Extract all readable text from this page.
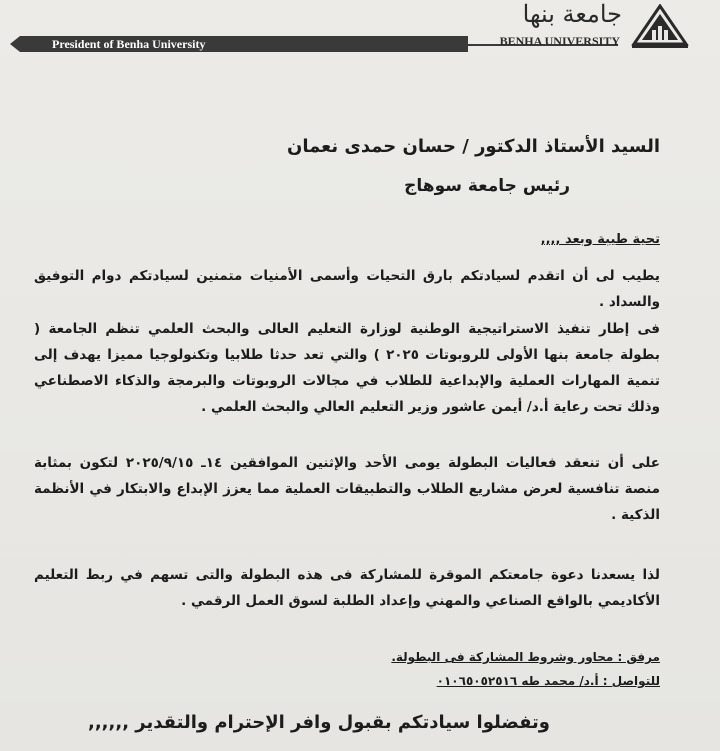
President of Benha University
جامعة بنها
BENHA UNIVERSITY
السيد الأستاذ الدكتور / حسان حمدى نعمان
رئيس جامعة سوهاج
تحية طيبة وبعد ,,,,
يطيب لى أن اتقدم لسيادتكم بارق التحيات وأسمى الأمنيات متمنين لسيادتكم دوام التوفيق والسداد .
فى إطار تنفيذ الاستراتيجية الوطنية لوزارة التعليم العالى والبحث العلمي تنظم الجامعة ( بطولة جامعة بنها الأولى للروبوتات ٢٠٢٥ ) والتي تعد حدثا طلابيا وتكنولوجيا مميزا يهدف إلى تنمية المهارات العملية والإبداعية للطلاب في مجالات الروبوتات والبرمجة والذكاء الاصطناعي وذلك تحت رعاية أ.د/ أيمن عاشور وزير التعليم العالي والبحث العلمي .
على أن تنعقد فعاليات البطولة يومى الأحد والإثنين الموافقين ١٤ـ ٢٠٢٥/٩/١٥ لتكون بمثابة منصة تنافسية لعرض مشاريع الطلاب والتطبيقات العملية مما يعزز الإبداع والابتكار في الأنظمة الذكية .
لذا يسعدنا دعوة جامعتكم الموقرة للمشاركة فى هذه البطولة والتى تسهم في ربط التعليم الأكاديمي بالواقع الصناعي والمهني وإعداد الطلبة لسوق العمل الرقمي .
مرفق : محاور وشروط المشاركة فى البطولة.
للتواصل : أ.د/ محمد طه ٠١٠٦٥٠٥٢٥١٦
وتفضلوا سيادتكم بقبول وافر الإحترام والتقدير ,,,,,,
